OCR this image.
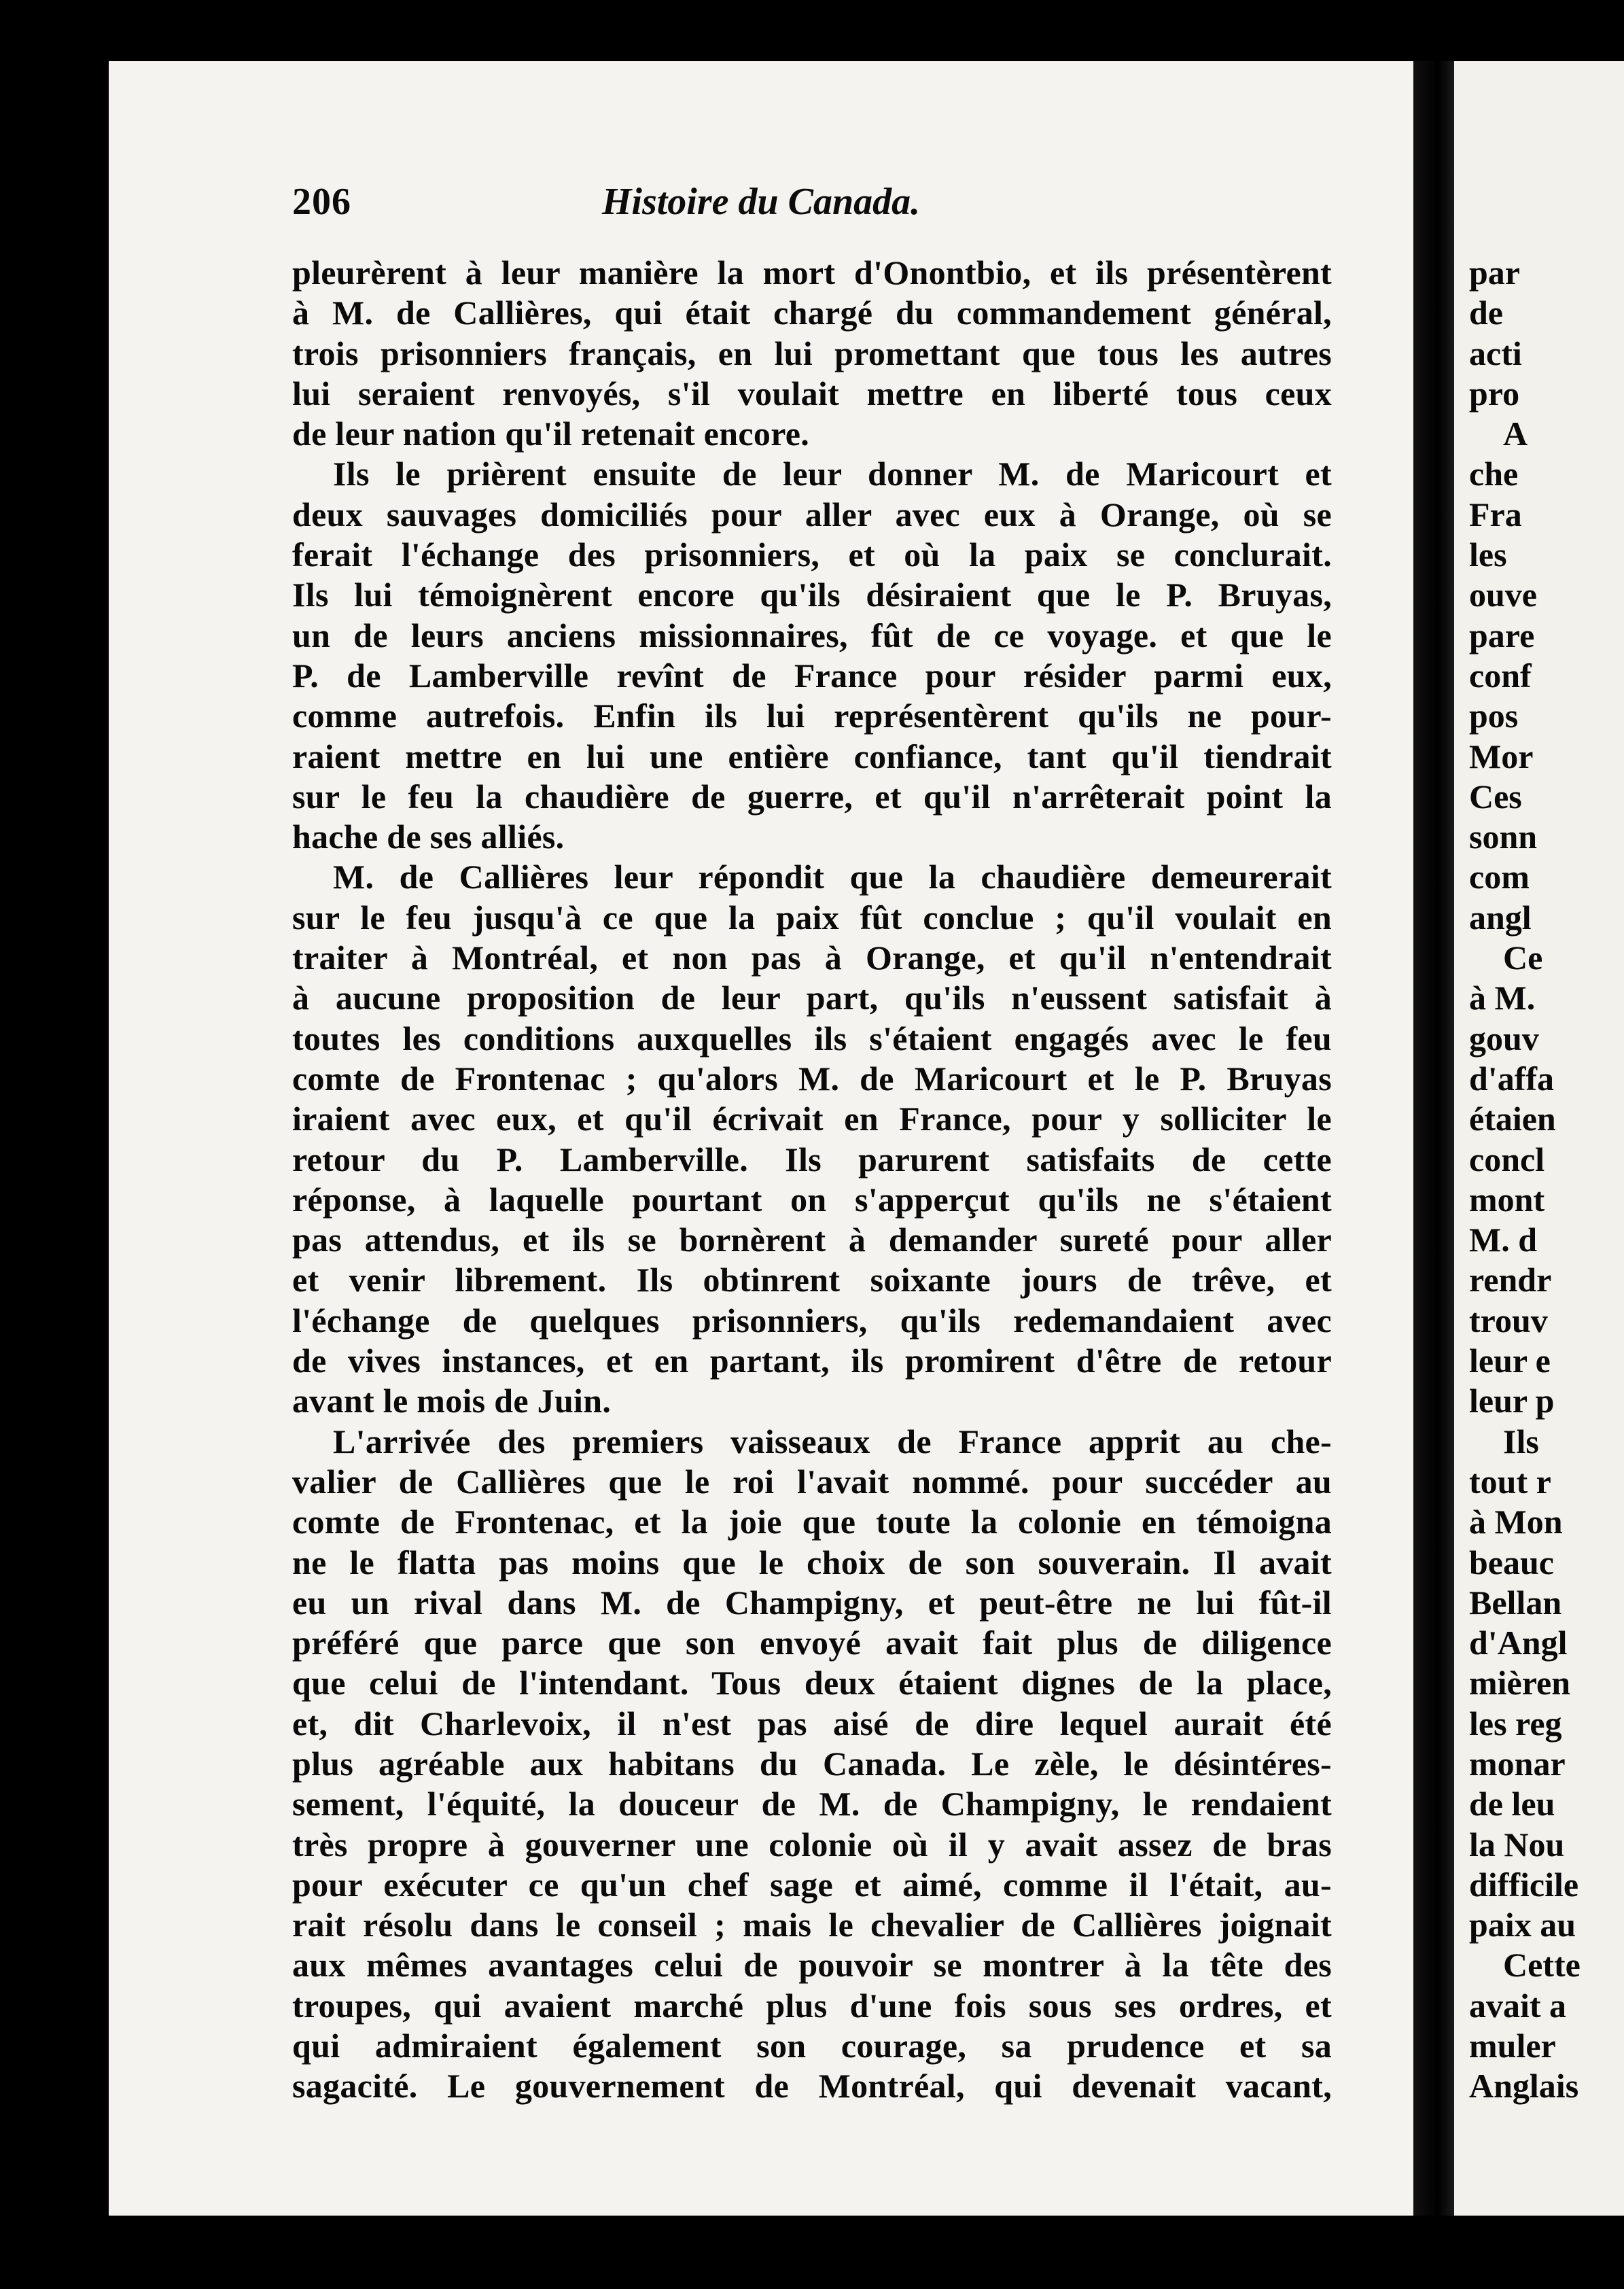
206	Histoire du Canada.
pleurèrent à leur manière la mort d'Onontbio, et ils présentèrent
à M. de Callières, qui était chargé du commandement général,
trois prisonniers français, en lui promettant que tous les autres
lui seraient renvoyés, s'il voulait mettre en liberté tous ceux
de leur nation qu'il retenait encore.
Ils le prièrent ensuite de leur donner M. de Maricourt et
deux sauvages domiciliés pour aller avec eux à Orange, où se
ferait l'échange des prisonniers, et où la paix se conclurait.
Ils lui témoignèrent encore qu'ils désiraient que le P. Bruyas,
un de leurs anciens missionnaires, fût de ce voyage. et que le
P. de Lamberville revînt de France pour résider parmi eux,
comme autrefois. Enfin ils lui représentèrent qu'ils ne pour-
raient mettre en lui une entière confiance, tant qu'il tiendrait
sur le feu la chaudière de guerre, et qu'il n'arrêterait point la
hache de ses alliés.
M. de Callières leur répondit que la chaudière demeurerait
sur le feu jusqu'à ce que la paix fût conclue ; qu'il voulait en
traiter à Montréal, et non pas à Orange, et qu'il n'entendrait
à aucune proposition de leur part, qu'ils n'eussent satisfait à
toutes les conditions auxquelles ils s'étaient engagés avec le feu
comte de Frontenac ; qu'alors M. de Maricourt et le P. Bruyas
iraient avec eux, et qu'il écrivait en France, pour y solliciter le
retour du P. Lamberville. Ils parurent satisfaits de cette
réponse, à laquelle pourtant on s'apperçut qu'ils ne s'étaient
pas attendus, et ils se bornèrent à demander sureté pour aller
et venir librement. Ils obtinrent soixante jours de trêve, et
l'échange de quelques prisonniers, qu'ils redemandaient avec
de vives instances, et en partant, ils promirent d'être de retour
avant le mois de Juin.
L'arrivée des premiers vaisseaux de France apprit au che-
valier de Callières que le roi l'avait nommé. pour succéder au
comte de Frontenac, et la joie que toute la colonie en témoigna
ne le flatta pas moins que le choix de son souverain. Il avait
eu un rival dans M. de Champigny, et peut-être ne lui fût-il
préféré que parce que son envoyé avait fait plus de diligence
que celui de l'intendant. Tous deux étaient dignes de la place,
et, dit Charlevoix, il n'est pas aisé de dire lequel aurait été
plus agréable aux habitans du Canada. Le zèle, le désintéres-
sement, l'équité, la douceur de M. de Champigny, le rendaient
très propre à gouverner une colonie où il y avait assez de bras
pour exécuter ce qu'un chef sage et aimé, comme il l'était, au-
rait résolu dans le conseil ; mais le chevalier de Callières joignait
aux mêmes avantages celui de pouvoir se montrer à la tête des
troupes, qui avaient marché plus d'une fois sous ses ordres, et
qui admiraient également son courage, sa prudence et sa
sagacité. Le gouvernement de Montréal, qui devenait vacant,
par
de
acti
pro
A
che
Fra
les
ouve
pare
conf
pos
Mor
Ces
sonn
com
angl
Ce
à M.
gouv
d'affa
étaien
concl
mont
M. d
rendr
trouv
leur e
leur p
Ils
tout r
à Mon
beauc
Bellan
d'Angl
mièren
les reg
monar
de leu
la Nou
difficile
paix au
Cette
avait a
muler
Anglais
